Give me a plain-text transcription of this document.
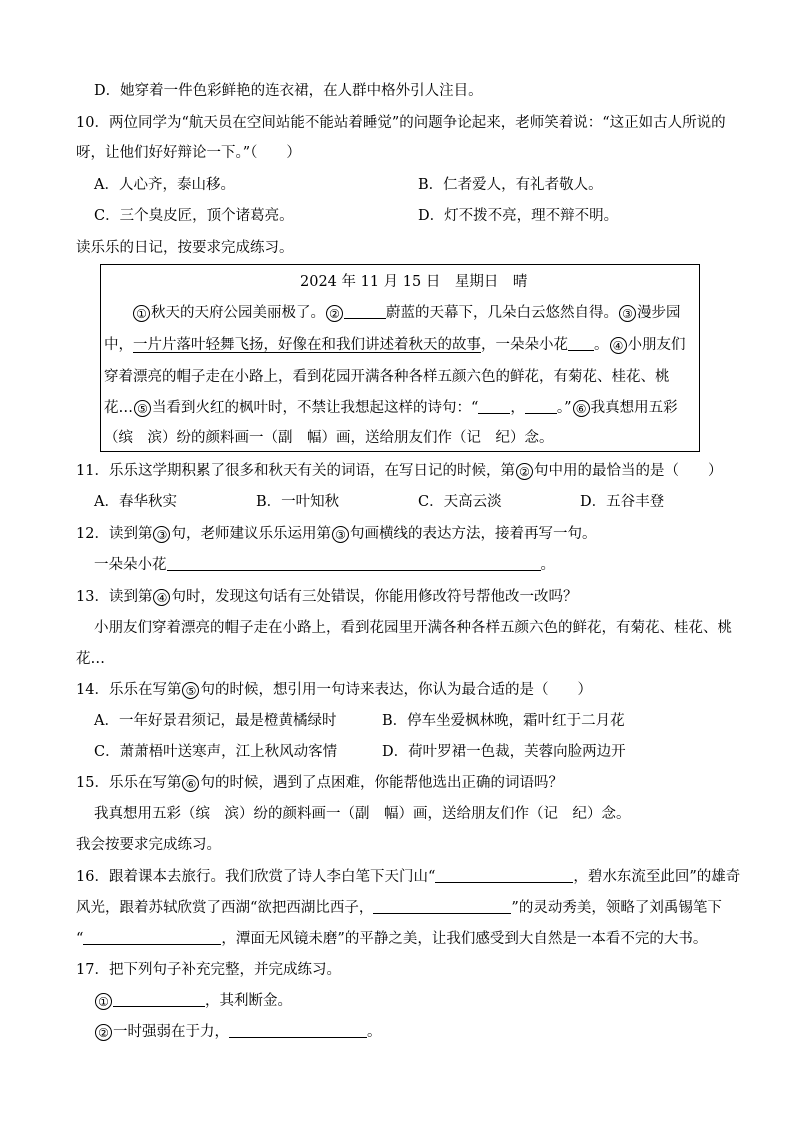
D．她穿着一件色彩鲜艳的连衣裙，在人群中格外引人注目。
10．两位同学为“航天员在空间站能不能站着睡觉”的问题争论起来，老师笑着说：“这正如古人所说的
呀，让他们好好辩论一下。”（　　）
A．人心齐，泰山移。	B．仁者爱人，有礼者敬人。
C．三个臭皮匠，顶个诸葛亮。	D．灯不拨不亮，理不辩不明。
读乐乐的日记，按要求完成练习。
2024 年 11 月 15 日　星期日　晴
① 秋天的天府公园美丽极了。 ②	蔚蓝的天幕下，几朵白云悠然自得。 ③ 漫步园
中，一片片落叶轻舞飞扬，好像在和我们讲述着秋天的故事，一朵朵小花 。 ④ 小朋友们
穿着漂亮的帽子走在小路上，看到花园开满各种各样五颜六色的鲜花，有菊花、桂花、桃
花… ⑤ 当看到火红的枫叶时，不禁让我想起这样的诗句：“ ， 。” ⑥ 我真想用五彩
（缤　滨）纷的颜料画一（副　幅）画，送给朋友们作（记　纪）念。
11．乐乐这学期积累了很多和秋天有关的词语，在写日记的时候，第 ② 句中用的最恰当的是（　　）
A．春华秋实	B．一叶知秋	C．天高云淡	D．五谷丰登
12．读到第 ③ 句，老师建议乐乐运用第 ③ 句画横线的表达方法，接着再写一句。
一朵朵小花	。
13．读到第 ④ 句时，发现这句话有三处错误，你能用修改符号帮他改一改吗？
小朋友们穿着漂亮的帽子走在小路上，看到花园里开满各种各样五颜六色的鲜花，有菊花、桂花、桃
花…
14．乐乐在写第 ⑤ 句的时候，想引用一句诗来表达，你认为最合适的是（　　）
A．一年好景君须记，最是橙黄橘绿时	B．停车坐爱枫林晚，霜叶红于二月花
C．萧萧梧叶送寒声，江上秋风动客情	D．荷叶罗裙一色裁，芙蓉向脸两边开
15．乐乐在写第 ⑥ 句的时候，遇到了点困难，你能帮他选出正确的词语吗？
我真想用五彩（缤　滨）纷的颜料画一（副　幅）画，送给朋友们作（记　纪）念。
我会按要求完成练习。
16．跟着课本去旅行。我们欣赏了诗人李白笔下天门山“	，碧水东流至此回”的雄奇
风光，跟着苏轼欣赏了西湖“欲把西湖比西子，	”的灵动秀美，领略了刘禹锡笔下
“	，潭面无风镜未磨”的平静之美，让我们感受到大自然是一本看不完的大书。
17．把下列句子补充完整，并完成练习。
①	，其利断金。
② 一时强弱在于力，	。
